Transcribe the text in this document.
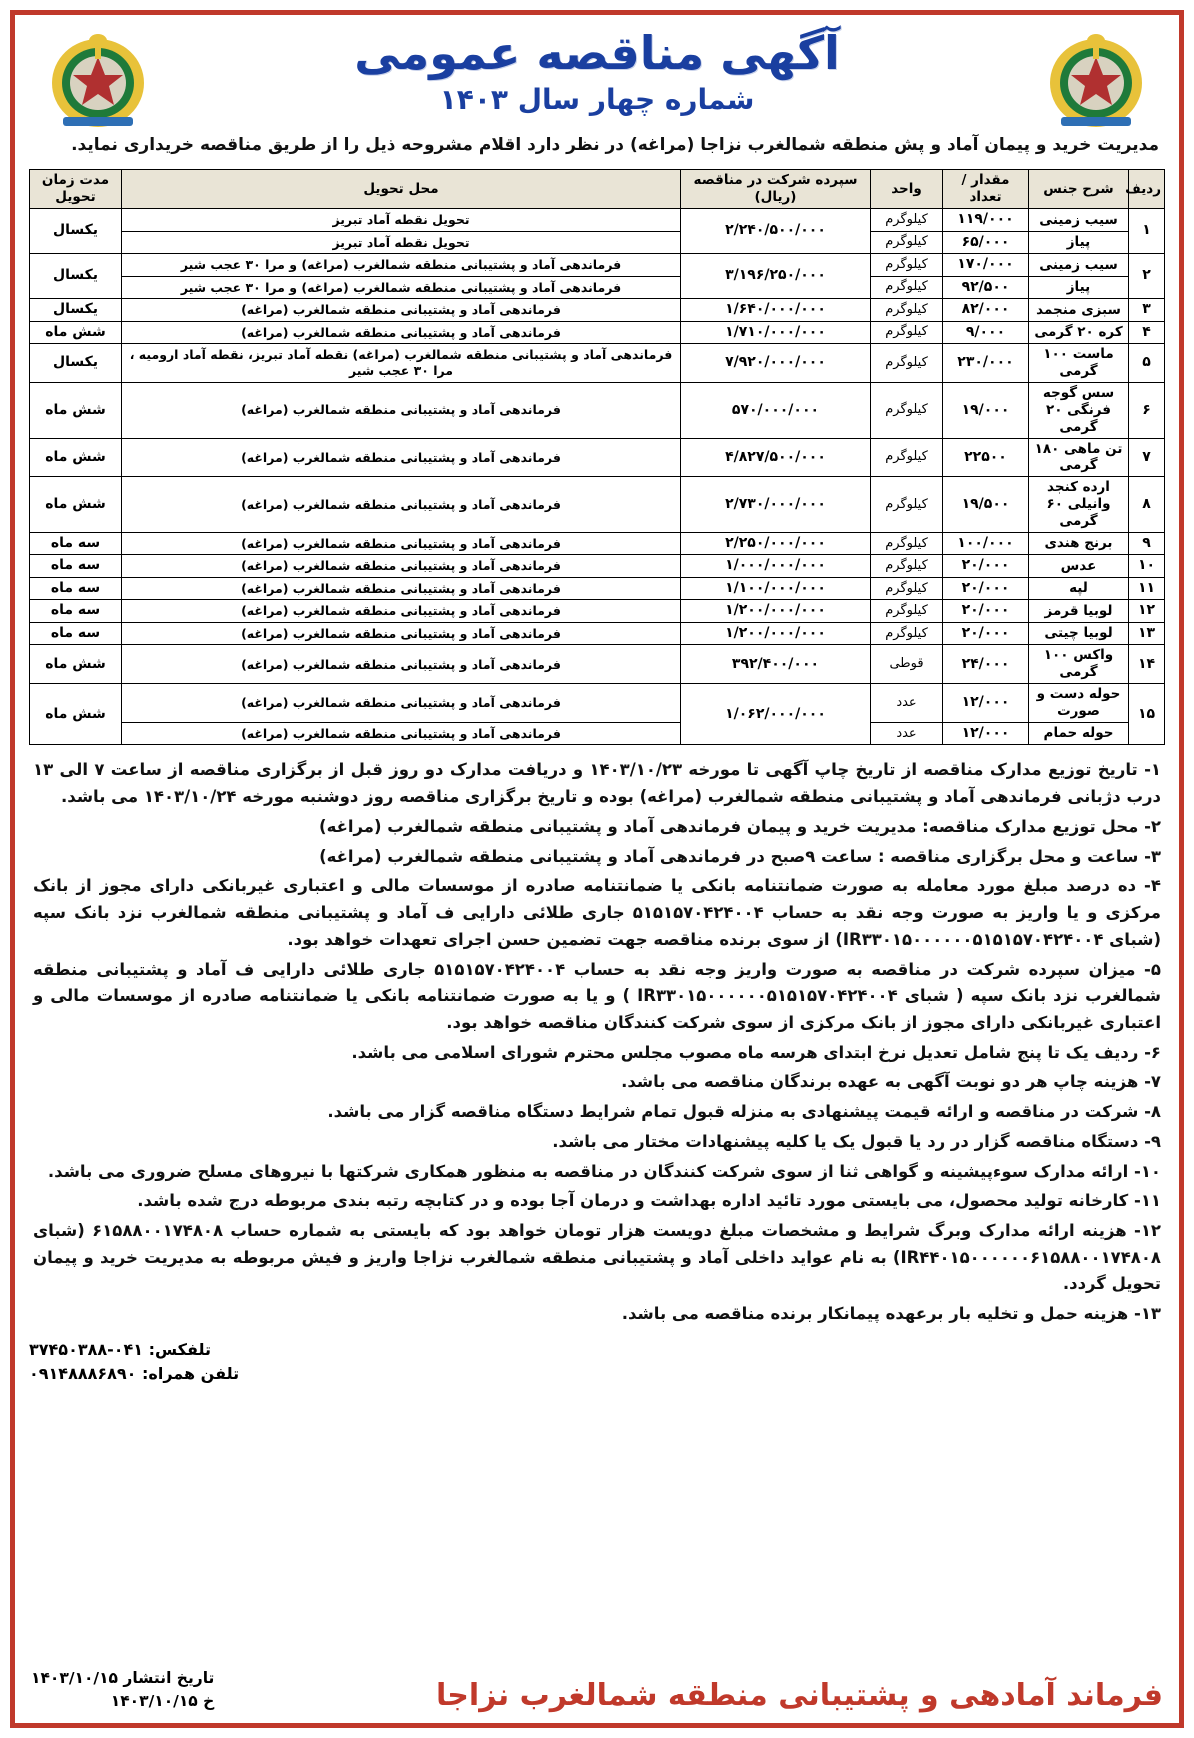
آگهی مناقصه عمومی
شماره چهار سال ۱۴۰۳
مدیریت خرید و پیمان آماد و پش منطقه شمالغرب نزاجا (مراغه) در نظر دارد اقلام مشروحه ذیل را از طریق مناقصه خریداری نماید.
ردیف	شرح جنس	مقدار / تعداد	واحد	سپرده شرکت در مناقصه (ریال)	محل تحویل	مدت زمان تحویل
۱	سیب زمینی	۱۱۹/۰۰۰	کیلوگرم	۲/۲۴۰/۵۰۰/۰۰۰	تحویل نقطه آماد تبریز	یکسال
	پیاز	۶۵/۰۰۰	کیلوگرم		تحویل نقطه آماد تبریز	
۲	سیب زمینی	۱۷۰/۰۰۰	کیلوگرم	۳/۱۹۶/۲۵۰/۰۰۰	فرماندهی آماد و پشتیبانی منطقه شمالغرب (مراغه) و مرا ۳۰ عجب شیر	یکسال
	پیاز	۹۲/۵۰۰	کیلوگرم		فرماندهی آماد و پشتیبانی منطقه شمالغرب (مراغه) و مرا ۳۰ عجب شیر	
۳	سبزی منجمد	۸۲/۰۰۰	کیلوگرم	۱/۶۴۰/۰۰۰/۰۰۰	فرماندهی آماد و پشتیبانی منطقه شمالغرب (مراغه)	یکسال
۴	کره ۲۰ گرمی	۹/۰۰۰	کیلوگرم	۱/۷۱۰/۰۰۰/۰۰۰	فرماندهی آماد و پشتیبانی منطقه شمالغرب (مراغه)	شش ماه
۵	ماست ۱۰۰ گرمی	۲۳۰/۰۰۰	کیلوگرم	۷/۹۲۰/۰۰۰/۰۰۰	فرماندهی آماد و پشتیبانی منطقه شمالغرب (مراغه) نقطه آماد تبریز، نقطه آماد ارومیه ، مرا ۳۰ عجب شیر	یکسال
۶	سس گوجه فرنگی ۲۰ گرمی	۱۹/۰۰۰	کیلوگرم	۵۷۰/۰۰۰/۰۰۰	فرماندهی آماد و پشتیبانی منطقه شمالغرب (مراغه)	شش ماه
۷	تن ماهی ۱۸۰ گرمی	۲۲۵۰۰	کیلوگرم	۴/۸۲۷/۵۰۰/۰۰۰	فرماندهی آماد و پشتیبانی منطقه شمالغرب (مراغه)	شش ماه
۸	ارده کنجد وانیلی ۶۰ گرمی	۱۹/۵۰۰	کیلوگرم	۲/۷۳۰/۰۰۰/۰۰۰	فرماندهی آماد و پشتیبانی منطقه شمالغرب (مراغه)	شش ماه
۹	برنج هندی	۱۰۰/۰۰۰	کیلوگرم	۲/۲۵۰/۰۰۰/۰۰۰	فرماندهی آماد و پشتیبانی منطقه شمالغرب (مراغه)	سه ماه
۱۰	عدس	۲۰/۰۰۰	کیلوگرم	۱/۰۰۰/۰۰۰/۰۰۰	فرماندهی آماد و پشتیبانی منطقه شمالغرب (مراغه)	سه ماه
۱۱	لپه	۲۰/۰۰۰	کیلوگرم	۱/۱۰۰/۰۰۰/۰۰۰	فرماندهی آماد و پشتیبانی منطقه شمالغرب (مراغه)	سه ماه
۱۲	لوبیا قرمز	۲۰/۰۰۰	کیلوگرم	۱/۲۰۰/۰۰۰/۰۰۰	فرماندهی آماد و پشتیبانی منطقه شمالغرب (مراغه)	سه ماه
۱۳	لوبیا چیتی	۲۰/۰۰۰	کیلوگرم	۱/۲۰۰/۰۰۰/۰۰۰	فرماندهی آماد و پشتیبانی منطقه شمالغرب (مراغه)	سه ماه
۱۴	واکس ۱۰۰ گرمی	۲۴/۰۰۰	قوطی	۳۹۲/۴۰۰/۰۰۰	فرماندهی آماد و پشتیبانی منطقه شمالغرب (مراغه)	شش ماه
۱۵	حوله دست و صورت	۱۲/۰۰۰	عدد	۱/۰۶۲/۰۰۰/۰۰۰	فرماندهی آماد و پشتیبانی منطقه شمالغرب (مراغه)	شش ماه
	حوله حمام	۱۲/۰۰۰	عدد		فرماندهی آماد و پشتیبانی منطقه شمالغرب (مراغه)	

۱- تاریخ توزیع مدارک مناقصه از تاریخ چاپ آگهی تا مورخه ۱۴۰۳/۱۰/۲۳ و دریافت مدارک دو روز قبل از برگزاری مناقصه از ساعت ۷ الی ۱۳ درب دژبانی فرماندهی آماد و پشتیبانی منطقه شمالغرب (مراغه) بوده و تاریخ برگزاری مناقصه روز دوشنبه مورخه ۱۴۰۳/۱۰/۲۴ می باشد.

۲- محل توزیع مدارک مناقصه: مدیریت خرید و پیمان فرماندهی آماد و پشتیبانی منطقه شمالغرب (مراغه)

۳- ساعت و محل برگزاری مناقصه : ساعت ۹صبح در فرماندهی آماد و پشتیبانی منطقه شمالغرب (مراغه)

۴- ده درصد مبلغ مورد معامله به صورت ضمانتنامه بانکی یا ضمانتنامه صادره از موسسات مالی و اعتباری غیربانکی دارای مجوز از بانک مرکزی و یا واریز به صورت وجه نقد به حساب ۵۱۵۱۵۷۰۴۲۴۰۰۴ جاری طلائی دارایی ف آماد و پشتیبانی منطقه شمالغرب نزد بانک سپه (شبای IR۳۳۰۱۵۰۰۰۰۰۰۵۱۵۱۵۷۰۴۲۴۰۰۴) از سوی برنده مناقصه جهت تضمین حسن اجرای تعهدات خواهد بود.

۵- میزان سپرده شرکت در مناقصه به صورت واریز وجه نقد به حساب ۵۱۵۱۵۷۰۴۲۴۰۰۴ جاری طلائی دارایی ف آماد و پشتیبانی منطقه شمالغرب نزد بانک سپه ( شبای IR۳۳۰۱۵۰۰۰۰۰۰۵۱۵۱۵۷۰۴۲۴۰۰۴ ) و یا به صورت ضمانتنامه بانکی یا ضمانتنامه صادره از موسسات مالی و اعتباری غیربانکی دارای مجوز از بانک مرکزی از سوی شرکت کنندگان مناقصه خواهد بود.

۶- ردیف یک تا پنج شامل تعدیل نرخ ابتدای هرسه ماه مصوب مجلس محترم شورای اسلامی می باشد.

۷- هزینه چاپ هر دو نوبت آگهی به عهده برندگان مناقصه می باشد.

۸- شرکت در مناقصه و ارائه قیمت پیشنهادی به منزله قبول تمام شرایط دستگاه مناقصه گزار می باشد.

۹- دستگاه مناقصه گزار در رد یا قبول یک یا کلیه پیشنهادات مختار می باشد.

۱۰- ارائه مدارک سوءپیشینه و گواهی ثنا از سوی شرکت کنندگان در مناقصه به منظور همکاری شرکتها با نیروهای مسلح ضروری می باشد.

۱۱- کارخانه تولید محصول، می بایستی مورد تائید اداره بهداشت و درمان آجا بوده و در کتابچه رتبه بندی مربوطه درج شده باشد.

۱۲- هزینه ارائه مدارک وبرگ شرایط و مشخصات مبلغ دویست هزار تومان خواهد بود که بایستی به شماره حساب ۶۱۵۸۸۰۰۱۷۴۸۰۸ (شبای IR۴۴۰۱۵۰۰۰۰۰۰۶۱۵۸۸۰۰۱۷۴۸۰۸) به نام عواید داخلی آماد و پشتیبانی منطقه شمالغرب نزاجا واریز و فیش مربوطه به مدیریت خرید و پیمان تحویل گردد.

۱۳- هزینه حمل و تخلیه بار برعهده پیمانکار برنده مناقصه می باشد.

تلفکس: ۰۴۱-۳۷۴۵۰۳۸۸
تلفن همراه: ۰۹۱۴۸۸۸۶۸۹۰
فرماند آمادهی و پشتیبانی منطقه شمالغرب نزاجا
تاریخ انتشار ۱۴۰۳/۱۰/۱۵
خ ۱۴۰۳/۱۰/۱۵
